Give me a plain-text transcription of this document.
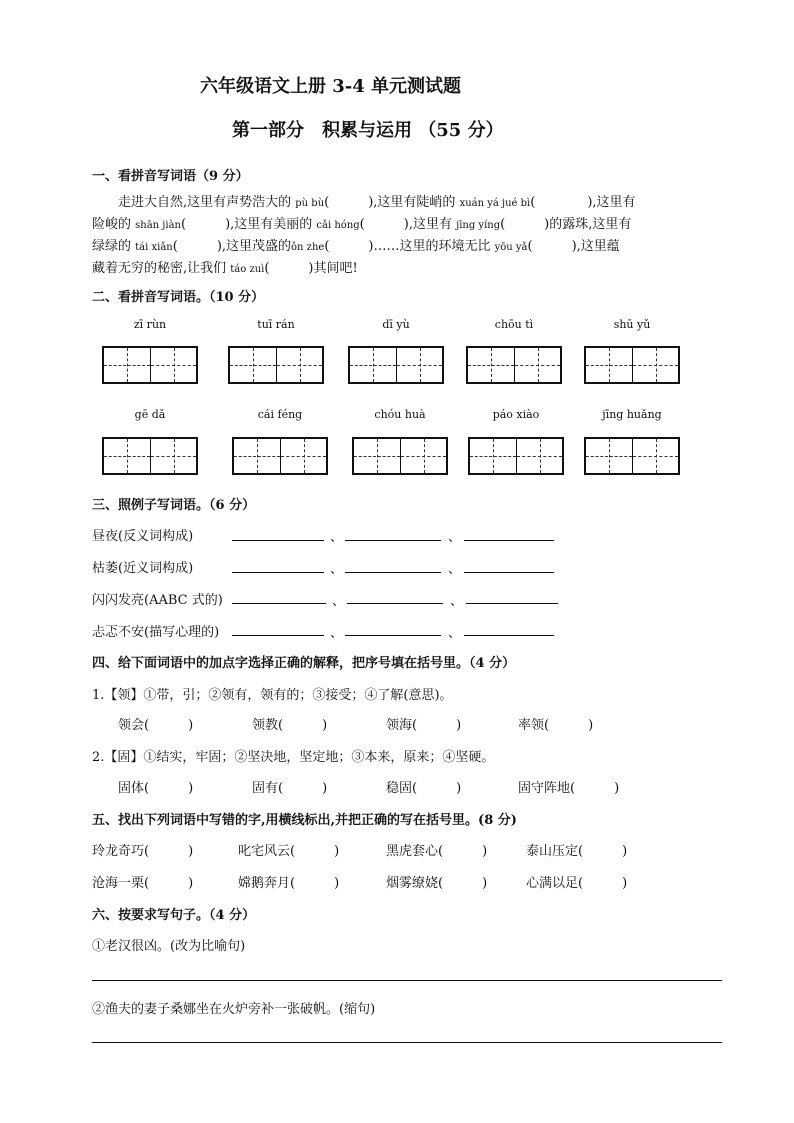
六年级语文上册 3-4 单元测试题
第一部分　积累与运用 （55 分）
一、看拼音写词语（9 分）

走进大自然,这里有声势浩大的 pù bù(　　　),这里有陡峭的 xuán yá jué bì(　　　　),这里有

险峻的 shān jiàn(　　　),这里有美丽的 cǎi hóng(　　　),这里有 jīng yíng(　　　)的露珠,这里有

绿绿的 tái xiǎn(　　　),这里茂盛的ǒn zhe(　　　)……这里的环境无比 yōu yǎ(　　　),这里蕴

藏着无穷的秘密,让我们 táo zuì(　　　)其间吧!

二、看拼音写词语。（10 分）
zī rùn	tuī rán	dī yù	chōu tì	shū yǔ
gē dǎ	cái féng	chóu huà	páo xiào	jīng huǎng
三、照例子写词语。（6 分）
昼夜(反义词构成)	、	、
枯萎(近义词构成)	、	、
闪闪发亮(AABC 式的)	、	、
忐忑不安(描写心理的)	、	、
四、给下面词语中的加点字选择正确的解释，把序号填在括号里。（4 分）
1.【领】①带，引；②领有，领有的；③接受；④了解(意思)。
领会(　　　)	领教(　　　)	领海(　　　)	率领(　　　)
2.【固】①结实，牢固；②坚决地，坚定地；③本来，原来；④坚硬。
固体(　　　)	固有(　　　)	稳固(　　　)	固守阵地(　　　)
五、找出下列词语中写错的字,用横线标出,并把正确的写在括号里。(8 分)
玲龙奇巧(　　　)	叱宅风云(　　　)	黑虎套心(　　　)	泰山压定(　　　)
沧海一栗(　　　)	嫦鹅奔月(　　　)	烟雾缭娆(　　　)	心满以足(　　　)
六、按要求写句子。（4 分）
①老汉很凶。(改为比喻句)
②渔夫的妻子桑娜坐在火炉旁补一张破帆。(缩句)
